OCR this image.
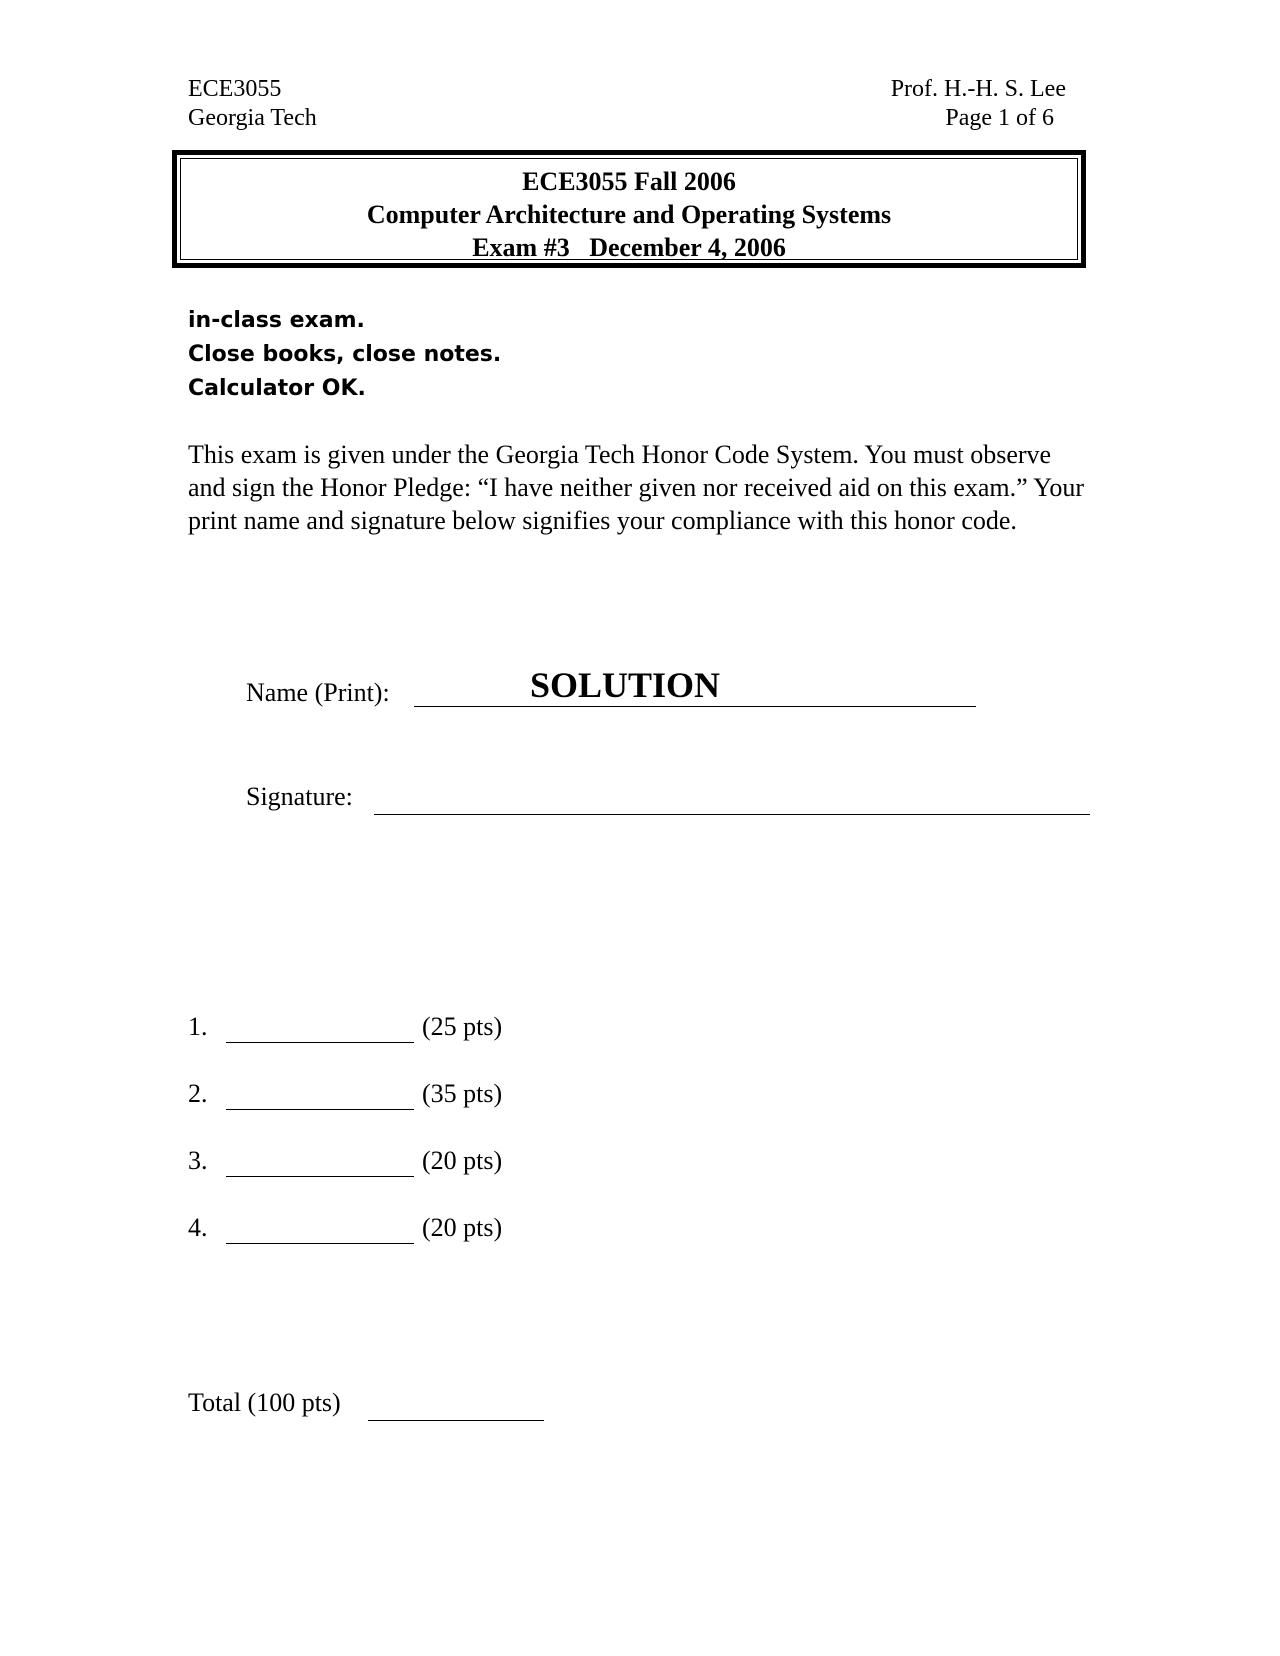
ECE3055
Georgia Tech
Prof. H.-H. S. Lee
Page 1 of 6
ECE3055 Fall 2006
Computer Architecture and Operating Systems
Exam #3   December 4, 2006
in-class exam.
Close books, close notes.
Calculator OK.
This exam is given under the Georgia Tech Honor Code System. You must observe and sign the Honor Pledge: “I have neither given nor received aid on this exam.” Your print name and signature below signifies your compliance with this honor code.
Name (Print):	SOLUTION
Signature:
1.	(25 pts)
2.	(35 pts)
3.	(20 pts)
4.	(20 pts)
Total (100 pts)
